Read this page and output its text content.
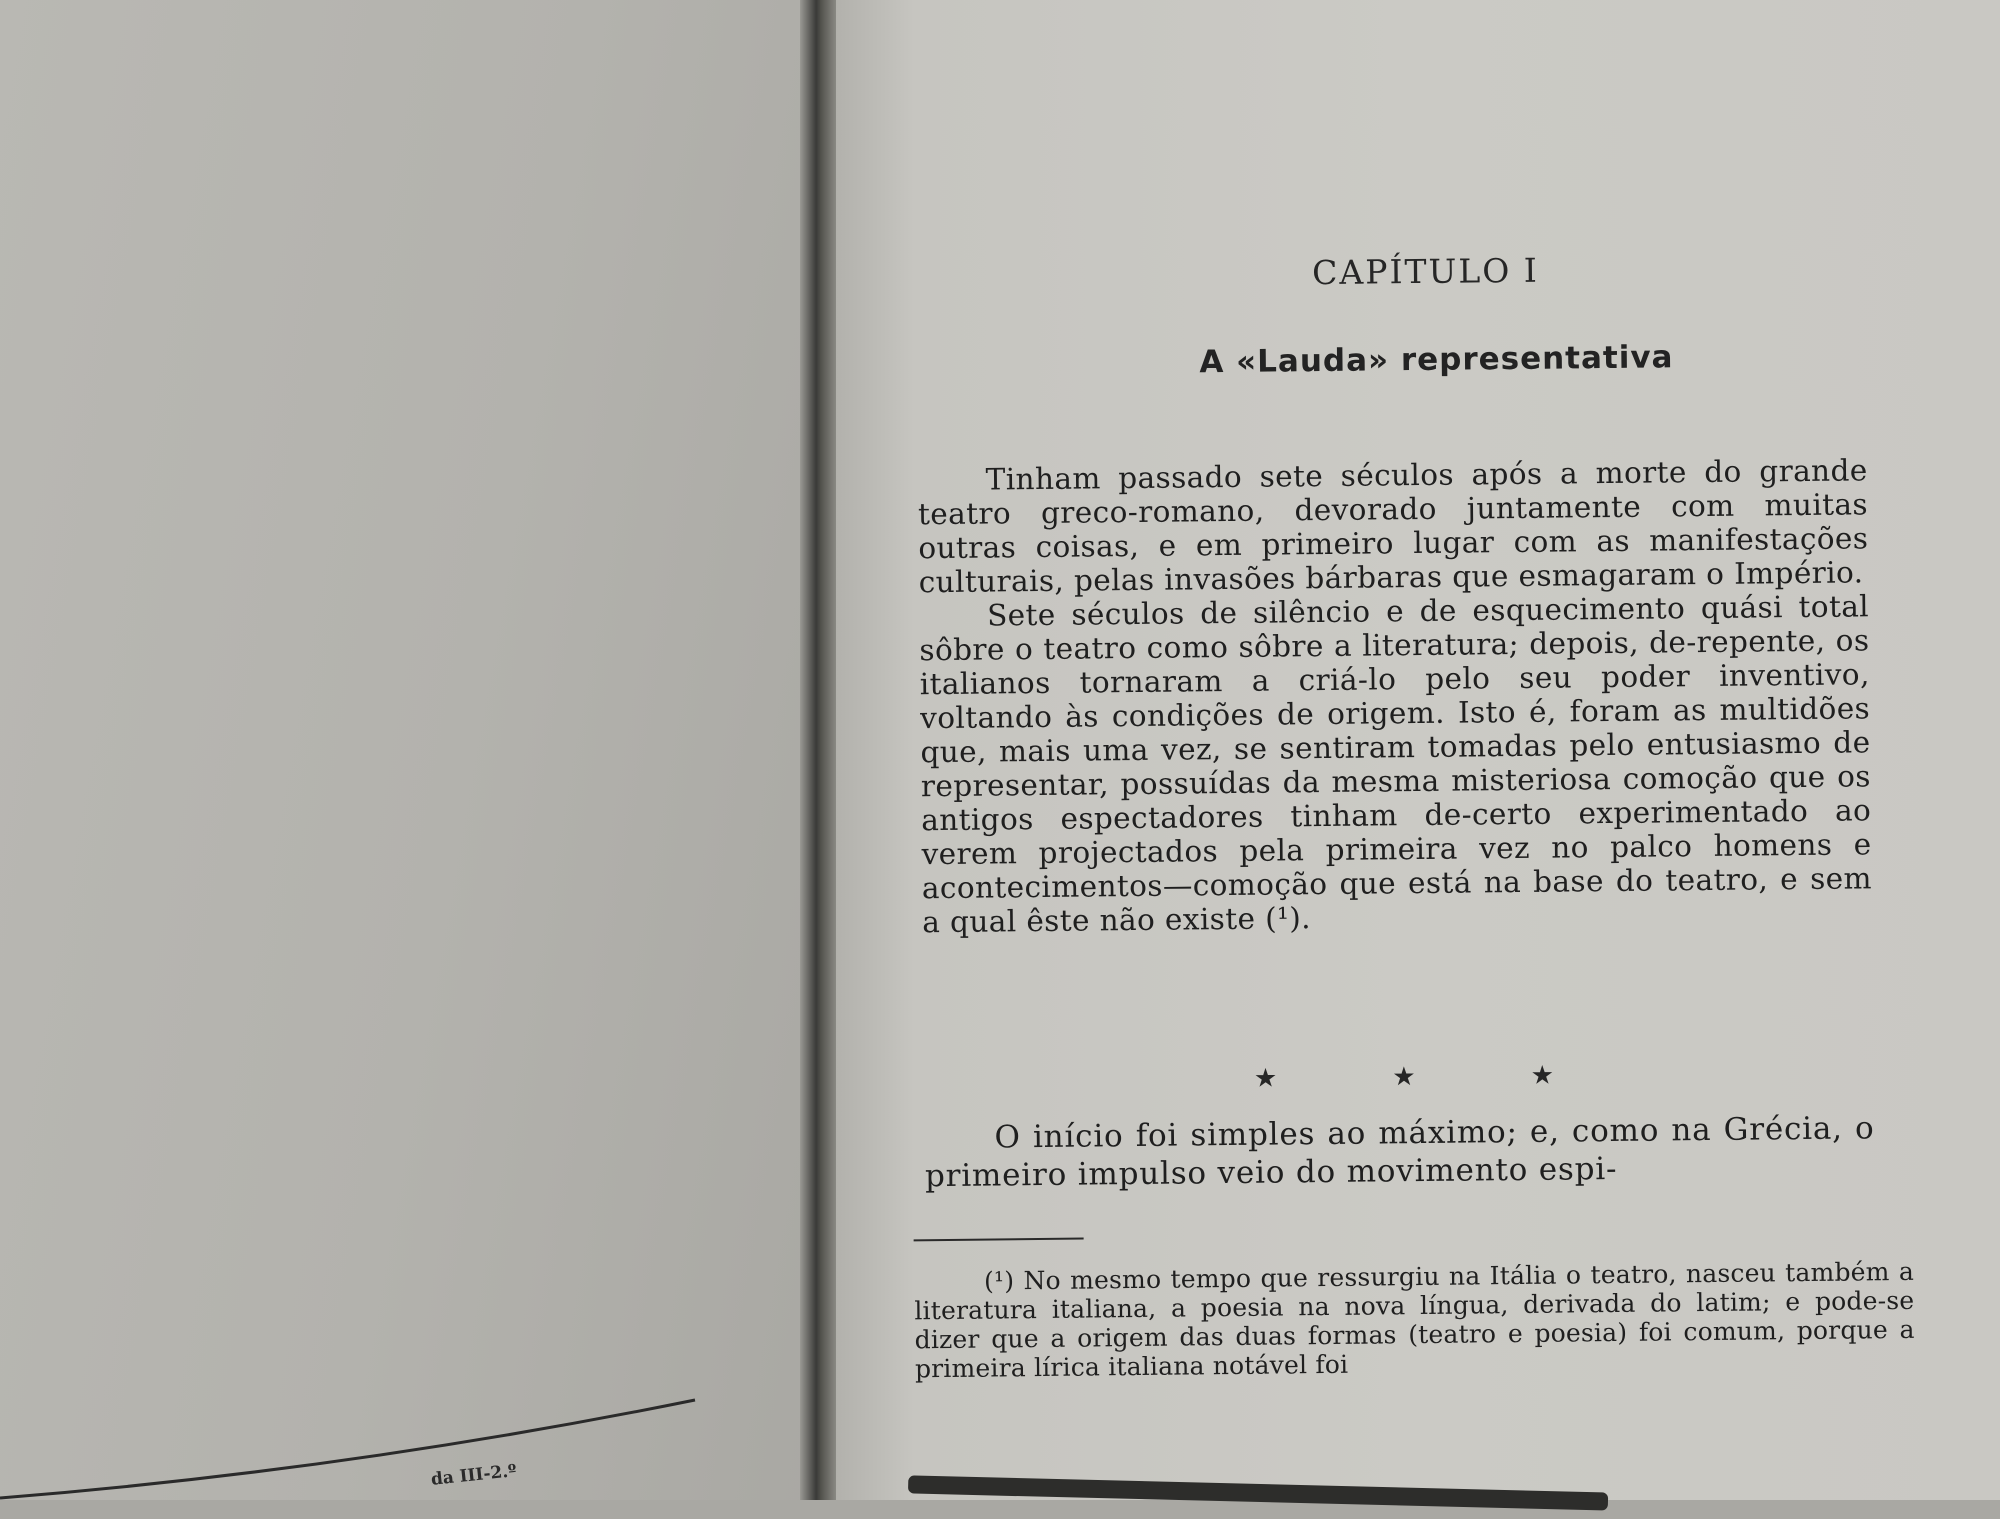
da III-2.º
CAPÍTULO I
A «Lauda» representativa

Tinham passado sete séculos após a morte do grande teatro greco-romano, devorado juntamente com muitas outras coisas, e em primeiro lugar com as manifestações culturais, pelas invasões bárbaras que esmagaram o Império.

Sete séculos de silêncio e de esquecimento quási total sôbre o teatro como sôbre a literatura; depois, de-repente, os italianos tornaram a criá-lo pelo seu poder inventivo, voltando às condições de origem. Isto é, foram as multidões que, mais uma vez, se sentiram tomadas pelo entusiasmo de representar, possuídas da mesma misteriosa comoção que os antigos espectadores tinham de-certo experimentado ao verem projectados pela primeira vez no palco homens e acontecimentos—comoção que está na base do teatro, e sem a qual êste não existe (¹).

★	★	★

O início foi simples ao máximo; e, como na Grécia, o primeiro impulso veio do movimento espi-

(¹) No mesmo tempo que ressurgiu na Itália o teatro, nasceu também a literatura italiana, a poesia na nova língua, derivada do latim; e pode-se dizer que a origem das duas formas (teatro e poesia) foi comum, porque a primeira lírica italiana notável foi
